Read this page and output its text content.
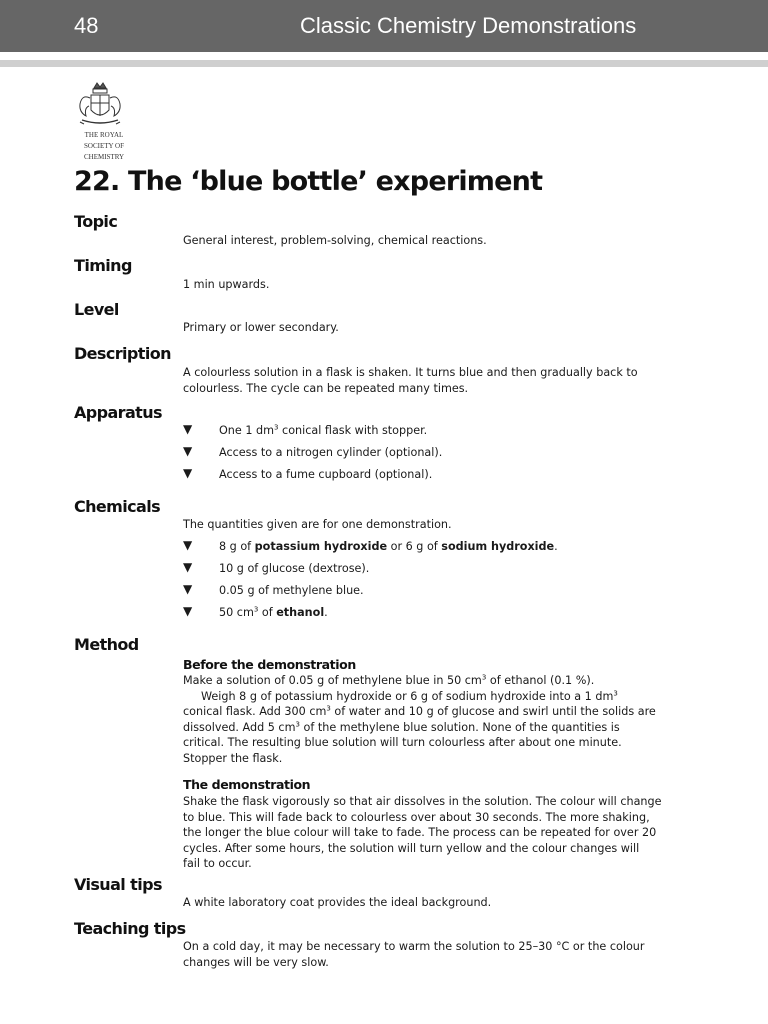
48	Classic Chemistry Demonstrations
THE ROYAL
SOCIETY OF
CHEMISTRY
22. The ‘blue bottle’ experiment
Topic
General interest, problem-solving, chemical reactions.
Timing
1 min upwards.
Level
Primary or lower secondary.
Description
A colourless solution in a flask is shaken. It turns blue and then gradually back to
colourless. The cycle can be repeated many times.
Apparatus
▼ One 1 $dm^3$ conical flask with stopper.
▼ Access to a nitrogen cylinder (optional).
▼ Access to a fume cupboard (optional).
Chemicals
The quantities given are for one demonstration.
▼ 8 g of potassium hydroxide or 6 g of sodium hydroxide.
▼ 10 g of glucose (dextrose).
▼ 0.05 g of methylene blue.
▼ 50 $cm^3$ of ethanol.
Method
Before the demonstration
Make a solution of 0.05 g of methylene blue in 50 $cm^3$ of ethanol (0.1 %).
Weigh 8 g of potassium hydroxide or 6 g of sodium hydroxide into a 1 $dm^3$
conical flask. Add 300 $cm^3$ of water and 10 g of glucose and swirl until the solids are
dissolved. Add 5 $cm^3$ of the methylene blue solution. None of the quantities is
critical. The resulting blue solution will turn colourless after about one minute.
Stopper the flask.
The demonstration
Shake the flask vigorously so that air dissolves in the solution. The colour will change
to blue. This will fade back to colourless over about 30 seconds. The more shaking,
the longer the blue colour will take to fade. The process can be repeated for over 20
cycles. After some hours, the solution will turn yellow and the colour changes will
fail to occur.
Visual tips
A white laboratory coat provides the ideal background.
Teaching tips
On a cold day, it may be necessary to warm the solution to 25–30 °C or the colour
changes will be very slow.
